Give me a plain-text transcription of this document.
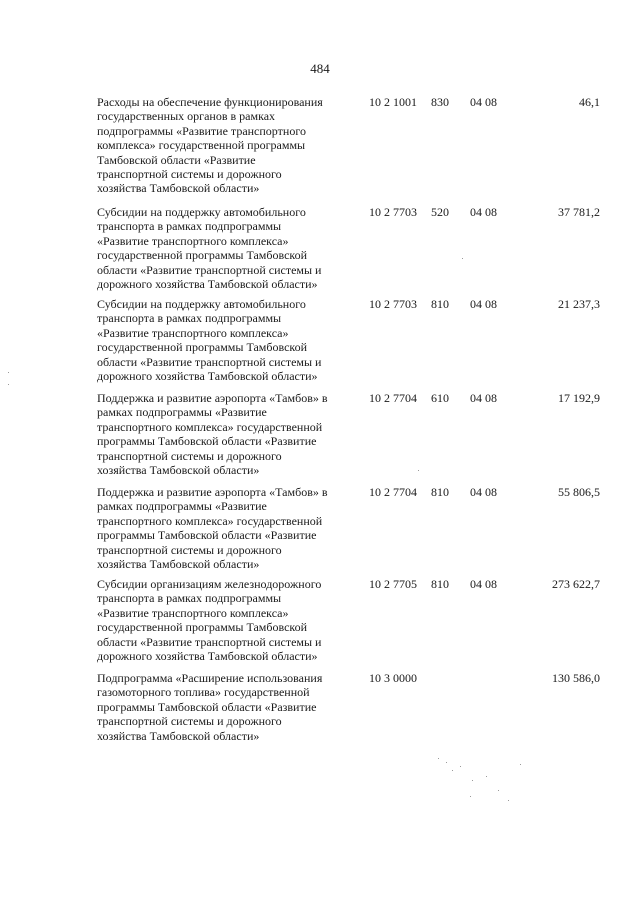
484
Расходы на обеспечение функционирования
государственных органов в рамках
подпрограммы «Развитие транспортного
комплекса» государственной программы
Тамбовской области «Развитие
транспортной системы и дорожного
хозяйства Тамбовской области»
10 2 1001 830 04 08	46,1
Субсидии на поддержку автомобильного
транспорта в рамках подпрограммы
«Развитие транспортного комплекса»
государственной программы Тамбовской
области «Развитие транспортной системы и
дорожного хозяйства Тамбовской области»
10 2 7703 520 04 08	37 781,2
Субсидии на поддержку автомобильного
транспорта в рамках подпрограммы
«Развитие транспортного комплекса»
государственной программы Тамбовской
области «Развитие транспортной системы и
дорожного хозяйства Тамбовской области»
10 2 7703 810 04 08	21 237,3
Поддержка и развитие аэропорта «Тамбов» в
рамках подпрограммы «Развитие
транспортного комплекса» государственной
программы Тамбовской области «Развитие
транспортной системы и дорожного
хозяйства Тамбовской области»
10 2 7704 610 04 08	17 192,9
Поддержка и развитие аэропорта «Тамбов» в
рамках подпрограммы «Развитие
транспортного комплекса» государственной
программы Тамбовской области «Развитие
транспортной системы и дорожного
хозяйства Тамбовской области»
10 2 7704 810 04 08	55 806,5
Субсидии организациям железнодорожного
транспорта в рамках подпрограммы
«Развитие транспортного комплекса»
государственной программы Тамбовской
области «Развитие транспортной системы и
дорожного хозяйства Тамбовской области»
10 2 7705 810 04 08	273 622,7
Подпрограмма «Расширение использования
газомоторного топлива» государственной
программы Тамбовской области «Развитие
транспортной системы и дорожного
хозяйства Тамбовской области»
10 3 0000	130 586,0
